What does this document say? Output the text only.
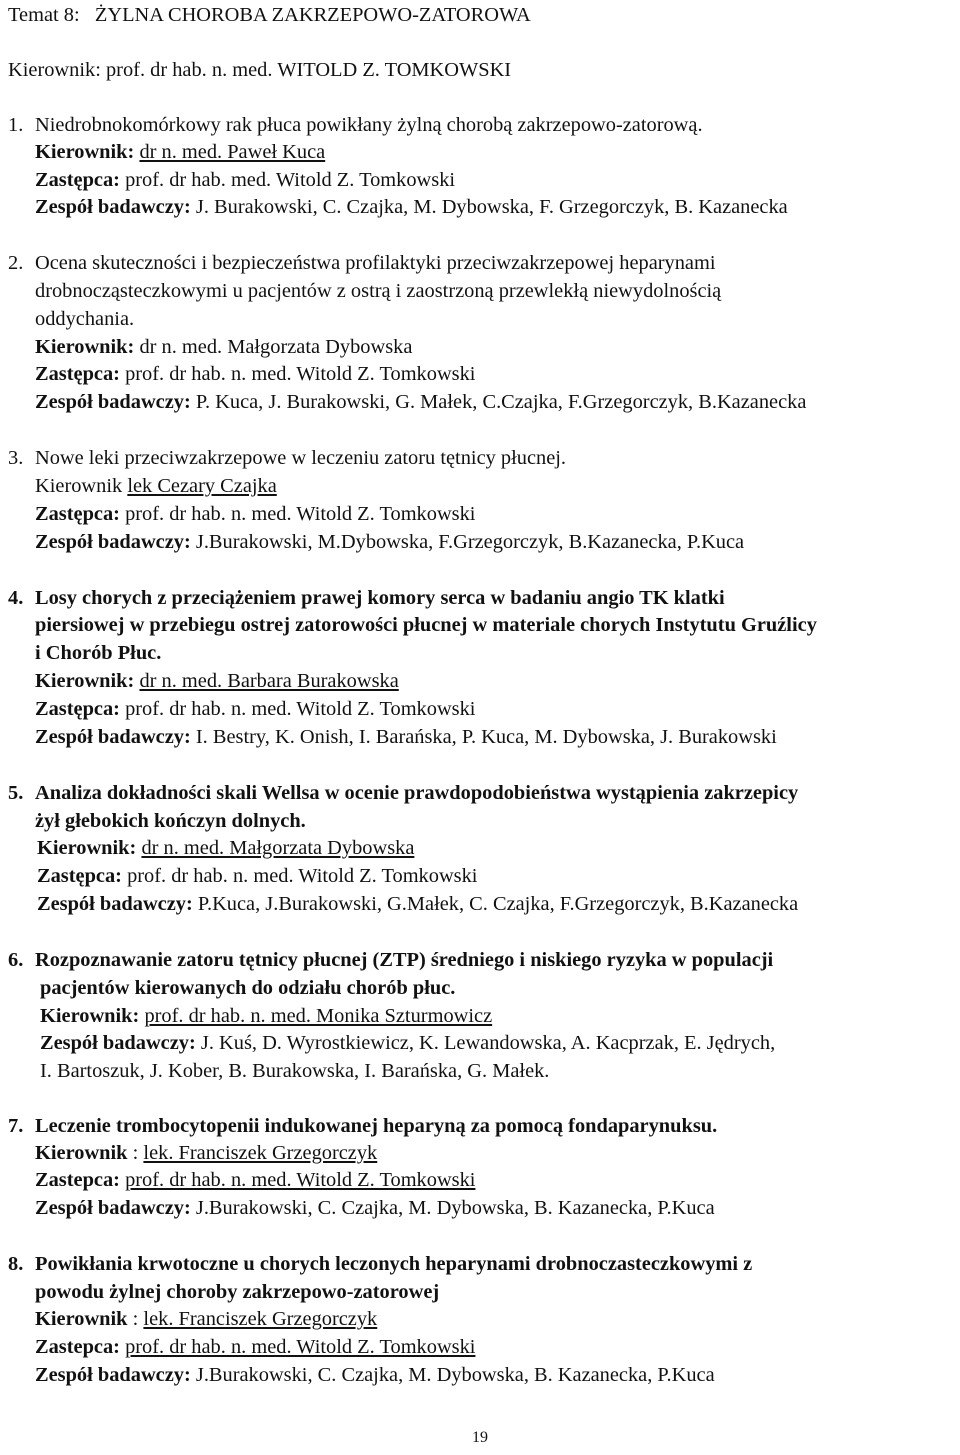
Temat 8: ŻYLNA CHOROBA ZAKRZEPOWO-ZATOROWA
Kierownik: prof. dr hab. n. med. WITOLD Z. TOMKOWSKI
1. Niedrobnokomórkowy rak płuca powikłany żylną chorobą zakrzepowo-zatorową.
Kierownik: dr n. med. Paweł Kuca
Zastępca: prof. dr hab. med. Witold Z. Tomkowski
Zespół badawczy: J. Burakowski, C. Czajka, M. Dybowska, F. Grzegorczyk, B. Kazanecka
2. Ocena skuteczności i bezpieczeństwa profilaktyki przeciwzakrzepowej heparynami
drobnocząsteczkowymi u pacjentów z ostrą i zaostrzoną przewlekłą niewydolnością
oddychania.
Kierownik: dr n. med. Małgorzata Dybowska
Zastępca: prof. dr hab. n. med. Witold Z. Tomkowski
Zespół badawczy: P. Kuca, J. Burakowski, G. Małek, C.Czajka, F.Grzegorczyk, B.Kazanecka
3. Nowe leki przeciwzakrzepowe w leczeniu zatoru tętnicy płucnej.
Kierownik lek Cezary Czajka
Zastępca: prof. dr hab. n. med. Witold Z. Tomkowski
Zespół badawczy: J.Burakowski, M.Dybowska, F.Grzegorczyk, B.Kazanecka, P.Kuca
4. Losy chorych z przeciążeniem prawej komory serca w badaniu angio TK klatki
piersiowej w przebiegu ostrej zatorowości płucnej w materiale chorych Instytutu Gruźlicy
i Chorób Płuc.
Kierownik: dr n. med. Barbara Burakowska
Zastępca: prof. dr hab. n. med. Witold Z. Tomkowski
Zespół badawczy: I. Bestry, K. Onish, I. Barańska, P. Kuca, M. Dybowska, J. Burakowski
5. Analiza dokładności skali Wellsa w ocenie prawdopodobieństwa wystąpienia zakrzepicy
żył głebokich kończyn dolnych.
Kierownik: dr n. med. Małgorzata Dybowska
Zastępca: prof. dr hab. n. med. Witold Z. Tomkowski
Zespół badawczy: P.Kuca, J.Burakowski, G.Małek, C. Czajka, F.Grzegorczyk, B.Kazanecka
6. Rozpoznawanie zatoru tętnicy płucnej (ZTP) średniego i niskiego ryzyka w populacji
pacjentów kierowanych do odziału chorób płuc.
Kierownik: prof. dr hab. n. med. Monika Szturmowicz
Zespół badawczy: J. Kuś, D. Wyrostkiewicz, K. Lewandowska, A. Kacprzak, E. Jędrych,
I. Bartoszuk, J. Kober, B. Burakowska, I. Barańska, G. Małek.
7. Leczenie trombocytopenii indukowanej heparyną za pomocą fondaparynuksu.
Kierownik : lek. Franciszek Grzegorczyk
Zastepca: prof. dr hab. n. med. Witold Z. Tomkowski
Zespół badawczy: J.Burakowski, C. Czajka, M. Dybowska, B. Kazanecka, P.Kuca
8. Powikłania krwotoczne u chorych leczonych heparynami drobnoczasteczkowymi z
powodu żylnej choroby zakrzepowo-zatorowej
Kierownik : lek. Franciszek Grzegorczyk
Zastepca: prof. dr hab. n. med. Witold Z. Tomkowski
Zespół badawczy: J.Burakowski, C. Czajka, M. Dybowska, B. Kazanecka, P.Kuca
19
